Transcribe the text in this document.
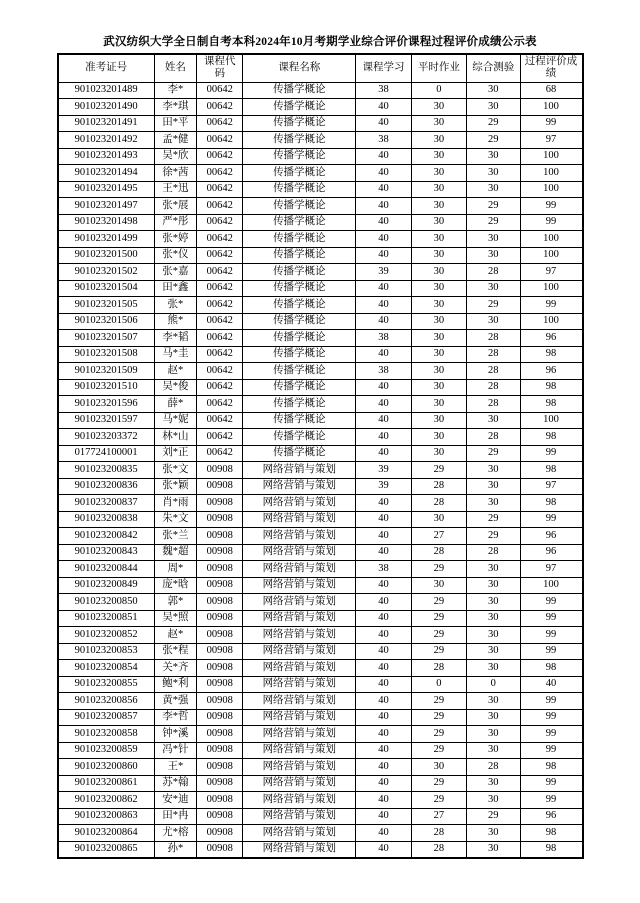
武汉纺织大学全日制自考本科2024年10月考期学业综合评价课程过程评价成绩公示表
准考证号	姓名	课程代码	课程名称	课程学习	平时作业	综合测验	过程评价成绩
901023201489	李*	00642	传播学概论	38	0	30	68
901023201490	李*琪	00642	传播学概论	40	30	30	100
901023201491	田*平	00642	传播学概论	40	30	29	99
901023201492	孟*健	00642	传播学概论	38	30	29	97
901023201493	吴*欣	00642	传播学概论	40	30	30	100
901023201494	徐*茜	00642	传播学概论	40	30	30	100
901023201495	王*迅	00642	传播学概论	40	30	30	100
901023201497	张*展	00642	传播学概论	40	30	29	99
901023201498	严*彤	00642	传播学概论	40	30	29	99
901023201499	张*婷	00642	传播学概论	40	30	30	100
901023201500	张*仪	00642	传播学概论	40	30	30	100
901023201502	张*嘉	00642	传播学概论	39	30	28	97
901023201504	田*鑫	00642	传播学概论	40	30	30	100
901023201505	张*	00642	传播学概论	40	30	29	99
901023201506	熊*	00642	传播学概论	40	30	30	100
901023201507	李*韬	00642	传播学概论	38	30	28	96
901023201508	马*圭	00642	传播学概论	40	30	28	98
901023201509	赵*	00642	传播学概论	38	30	28	96
901023201510	吴*俊	00642	传播学概论	40	30	28	98
901023201596	薛*	00642	传播学概论	40	30	28	98
901023201597	马*妮	00642	传播学概论	40	30	30	100
901023203372	林*山	00642	传播学概论	40	30	28	98
017724100001	刘*正	00642	传播学概论	40	30	29	99
901023200835	张*文	00908	网络营销与策划	39	29	30	98
901023200836	张*颖	00908	网络营销与策划	39	28	30	97
901023200837	肖*雨	00908	网络营销与策划	40	28	30	98
901023200838	朱*文	00908	网络营销与策划	40	30	29	99
901023200842	张*兰	00908	网络营销与策划	40	27	29	96
901023200843	魏*超	00908	网络营销与策划	40	28	28	96
901023200844	周*	00908	网络营销与策划	38	29	30	97
901023200849	庞*晗	00908	网络营销与策划	40	30	30	100
901023200850	郭*	00908	网络营销与策划	40	29	30	99
901023200851	吴*照	00908	网络营销与策划	40	29	30	99
901023200852	赵*	00908	网络营销与策划	40	29	30	99
901023200853	张*程	00908	网络营销与策划	40	29	30	99
901023200854	关*齐	00908	网络营销与策划	40	28	30	98
901023200855	鲍*利	00908	网络营销与策划	40	0	0	40
901023200856	黄*强	00908	网络营销与策划	40	29	30	99
901023200857	李*哲	00908	网络营销与策划	40	29	30	99
901023200858	钟*溪	00908	网络营销与策划	40	29	30	99
901023200859	冯*针	00908	网络营销与策划	40	29	30	99
901023200860	王*	00908	网络营销与策划	40	30	28	98
901023200861	苏*翰	00908	网络营销与策划	40	29	30	99
901023200862	安*迪	00908	网络营销与策划	40	29	30	99
901023200863	田*冉	00908	网络营销与策划	40	27	29	96
901023200864	尤*榕	00908	网络营销与策划	40	28	30	98
901023200865	孙*	00908	网络营销与策划	40	28	30	98
